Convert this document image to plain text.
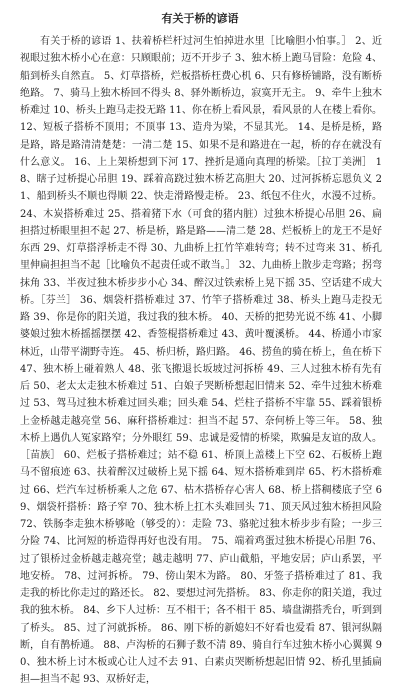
有关于桥的谚语

有关于桥的谚语 1、扶着桥栏杆过河生怕掉进水里［比喻胆小怕事。］ 2、近视眼过独木桥小心在意：只顾眼前；迈不开步子 3、独木桥上跑马冒险：危险 4、船到桥头自然直。 5、灯草搭桥，烂板搭桥枉费心机 6、只有修桥铺路，没有断桥绝路。 7、骑马上独木桥回不得头 8、驿外断桥边，寂寞开无主。 9、牵牛上独木桥难过 10、桥头上跑马走投无路 11、你在桥上看风景，看风景的人在楼上看你。 12、短板子搭桥不顶用；不顶事 13、造舟为梁，不显其光。 14、是桥是桥，路是路，路是路清清楚楚：一清二楚 15、如果不是和路进在一起，桥的存在就没有什么意义。 16、上上架桥想到下河 17、挫折是通向真理的桥梁。［拉丁美洲］ 18、瞎子过桥提心吊胆 19、踩着高跷过独木桥艺高胆大 20、过河拆桥忘恩负义 21、船到桥头不顺也得顺 22、快走滑路慢走桥。 23、纸包不住火，水漫不过桥。 24、木炭搭桥难过 25、搭着猪下水（可食的猪内脏）过独木桥提心吊胆 26、扁担搭过桥眼里担不起 27、桥是桥，路是路——清二楚 28、烂板桥上的龙王不是好东西 29、灯草搭浮桥走不得 30、九曲桥上扛竹竿难转弯；转不过弯来 31、桥孔里伸扁担担当不起［比喻负不起责任或不敢当。］ 32、九曲桥上散步走弯路；拐弯抹角 33、半夜过独木桥步步小心 34、醉汉过铁索桥上晃下摇 35、空话建不成大桥。［芬兰］ 36、烟袋杆搭桥难过 37、竹竿子搭桥难过 38、桥头上跑马走投无路 39、你是你的阳关道，我过我的独木桥。 40、天桥的把势光说不练 41、小脚婆娘过独木桥摇摇摆摆 42、香签棍搭桥难过 43、黄叶覆溪桥。 44、桥通小市家林近，山带平湖野寺连。 45、桥归桥，路归路。 46、捞鱼的骑在桥上，鱼在桥下 47、独木桥上碰着熟人 48、张飞搬退长坂坡过河拆桥 49、三人过独木桥有先有后 50、老太太走独木桥难过 51、白娘子哭断桥想起旧情来 52、牵牛过独木桥难过 53、驾马过独木桥难过回头难；回头难 54、烂柱子搭桥不牢靠 55、踩着银桥上金桥越走越亮堂 56、麻秆搭桥难过：担当不起 57、奈何桥上等三年。 58、独木桥上遇仇人冤家路窄；分外眼红 59、忠诚是爱情的桥梁，欺骗是友谊的敌人。［苗族］ 60、烂板子搭桥难过；站不稳 61、桥顶上盖楼上下空 62、石板桥上跑马不留痕迹 63、扶着醉汉过破桥上晃下摇 64、短木搭桥难到岸 65、朽木搭桥难过 66、烂汽车过桥桥乘人之危 67、枯木搭桥存心害人 68、桥上搭稠楼底子空 69、烟袋杆搭桥：路子窄 70、独木桥上扛木头难回头 71、顶天风过独木桥担风险 72、铁肠李走独木桥够呛（够受的）：走险 73、骆驼过独木桥步步有险；一步三分险 74、比河短的桥造得再好也没有用。 75、端着鸡蛋过独木桥提心吊胆 76、过了银桥过金桥越走越亮堂；越走越明 77、庐山截船，平地安居；庐山系罢，平地安桥。 78、过河拆桥。 79、傍山架木为路。 80、牙签子搭桥难过了 81、我走我的桥比你走过的路还长。 82、要想过河先搭桥。 83、你走你的阳关道，我过我的独木桥。 84、乡下人过桥：互不相干；各不相干 85、墙盘湖搭秃台，听到到了桥头。 85、过了河就拆桥。 86、刚下桥的新媳妇不好看也爱看 87、银河纵隔断，自有鹊桥通。 88、卢沟桥的石狮子数不清 89、骑自行车过独木桥小心翼翼 90、独木桥上讨木板或心让人过不去 91、白素贞哭断桥想起旧情 92、桥孔里插扁担—担当不起 93、双桥好走，
